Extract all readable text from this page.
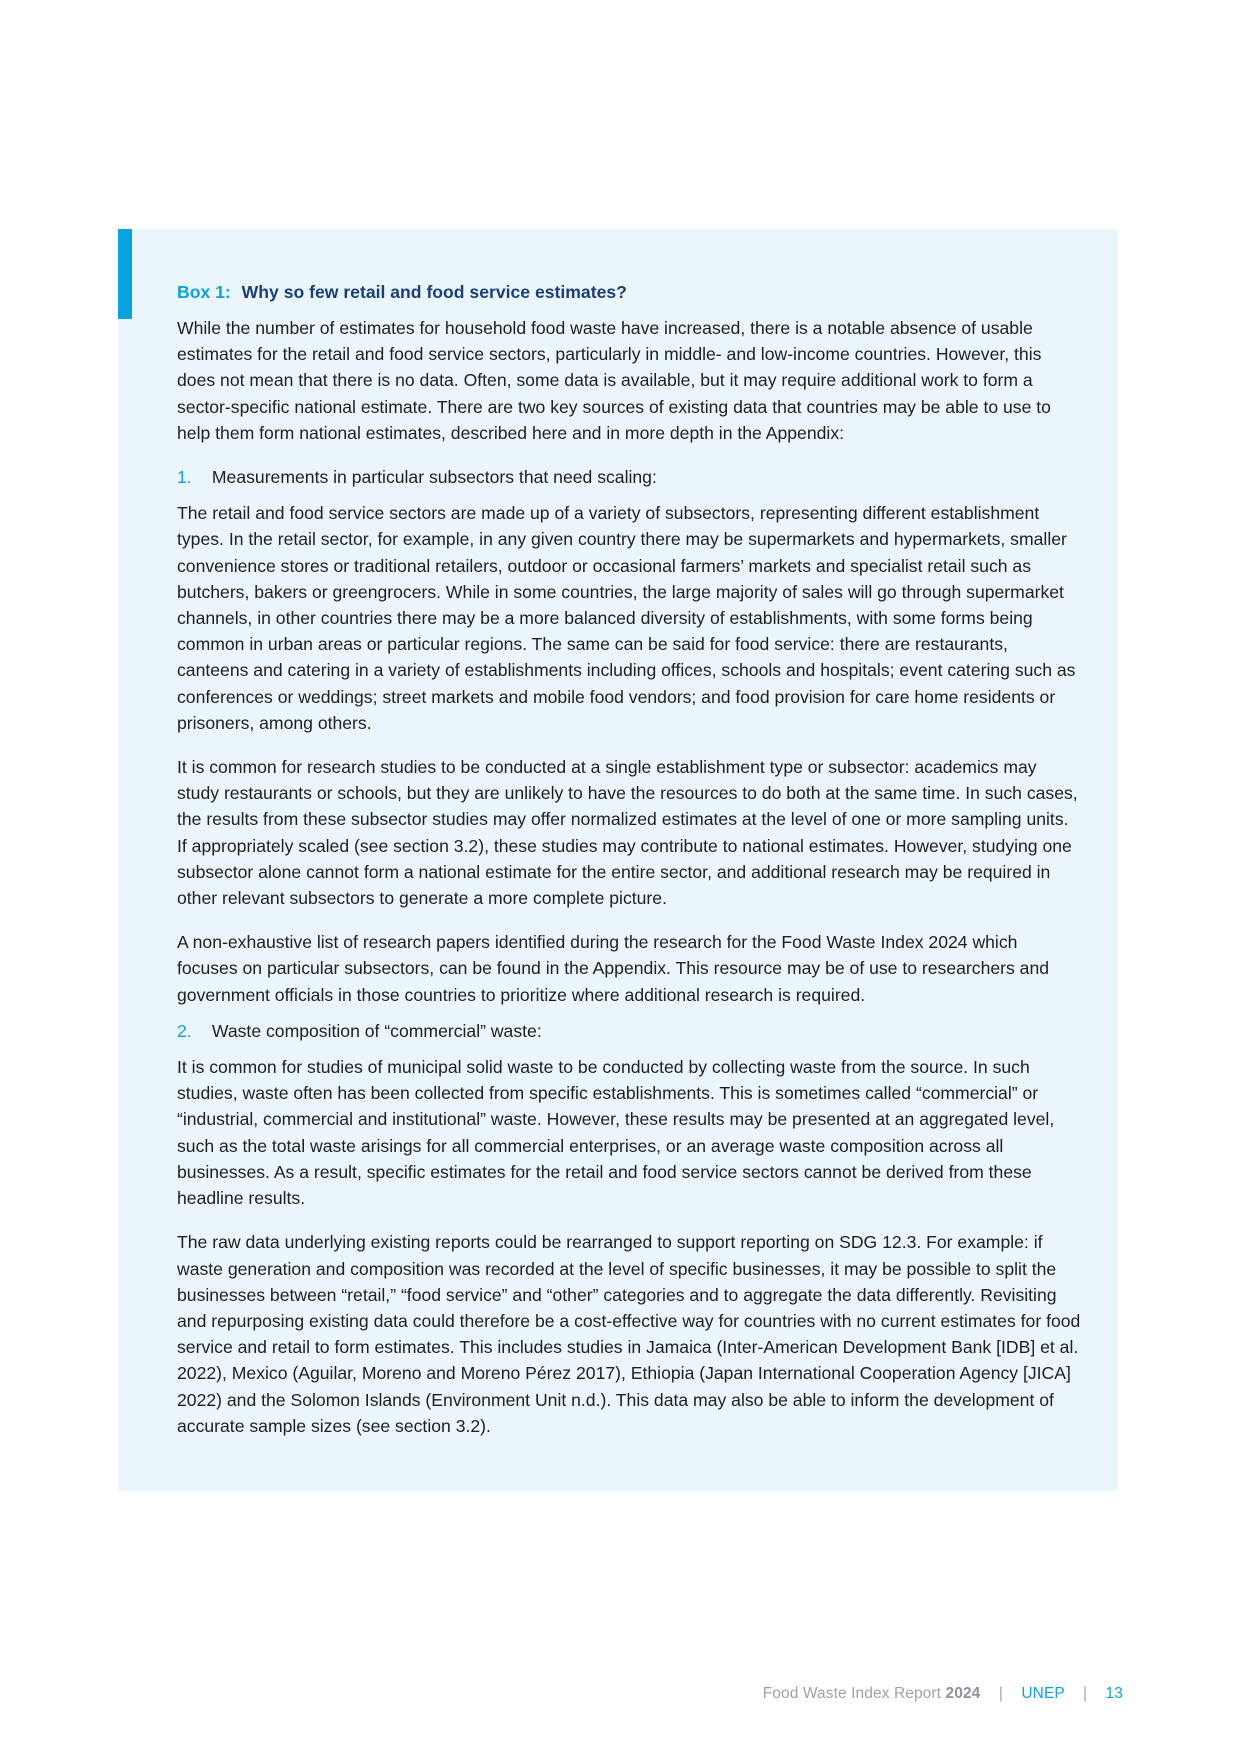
Box 1: Why so few retail and food service estimates?

While the number of estimates for household food waste have increased, there is a notable absence of usable estimates for the retail and food service sectors, particularly in middle- and low-income countries. However, this does not mean that there is no data. Often, some data is available, but it may require additional work to form a sector-specific national estimate. There are two key sources of existing data that countries may be able to use to help them form national estimates, described here and in more depth in the Appendix:

1. Measurements in particular subsectors that need scaling:

The retail and food service sectors are made up of a variety of subsectors, representing different establishment types. In the retail sector, for example, in any given country there may be supermarkets and hypermarkets, smaller convenience stores or traditional retailers, outdoor or occasional farmers’ markets and specialist retail such as butchers, bakers or greengrocers. While in some countries, the large majority of sales will go through supermarket channels, in other countries there may be a more balanced diversity of establishments, with some forms being common in urban areas or particular regions. The same can be said for food service: there are restaurants, canteens and catering in a variety of establishments including offices, schools and hospitals; event catering such as conferences or weddings; street markets and mobile food vendors; and food provision for care home residents or prisoners, among others.

It is common for research studies to be conducted at a single establishment type or subsector: academics may study restaurants or schools, but they are unlikely to have the resources to do both at the same time. In such cases, the results from these subsector studies may offer normalized estimates at the level of one or more sampling units. If appropriately scaled (see section 3.2), these studies may contribute to national estimates. However, studying one subsector alone cannot form a national estimate for the entire sector, and additional research may be required in other relevant subsectors to generate a more complete picture.

A non-exhaustive list of research papers identified during the research for the Food Waste Index 2024 which focuses on particular subsectors, can be found in the Appendix. This resource may be of use to researchers and government officials in those countries to prioritize where additional research is required.

2. Waste composition of “commercial” waste:

It is common for studies of municipal solid waste to be conducted by collecting waste from the source. In such studies, waste often has been collected from specific establishments. This is sometimes called “commercial” or “industrial, commercial and institutional” waste. However, these results may be presented at an aggregated level, such as the total waste arisings for all commercial enterprises, or an average waste composition across all businesses. As a result, specific estimates for the retail and food service sectors cannot be derived from these headline results.

The raw data underlying existing reports could be rearranged to support reporting on SDG 12.3. For example: if waste generation and composition was recorded at the level of specific businesses, it may be possible to split the businesses between “retail,” “food service” and “other” categories and to aggregate the data differently. Revisiting and repurposing existing data could therefore be a cost-effective way for countries with no current estimates for food service and retail to form estimates. This includes studies in Jamaica (Inter-American Development Bank [IDB] et al. 2022), Mexico (Aguilar, Moreno and Moreno Pérez 2017), Ethiopia (Japan International Cooperation Agency [JICA] 2022) and the Solomon Islands (Environment Unit n.d.). This data may also be able to inform the development of accurate sample sizes (see section 3.2).

Food Waste Index Report 2024 | UNEP | 13
